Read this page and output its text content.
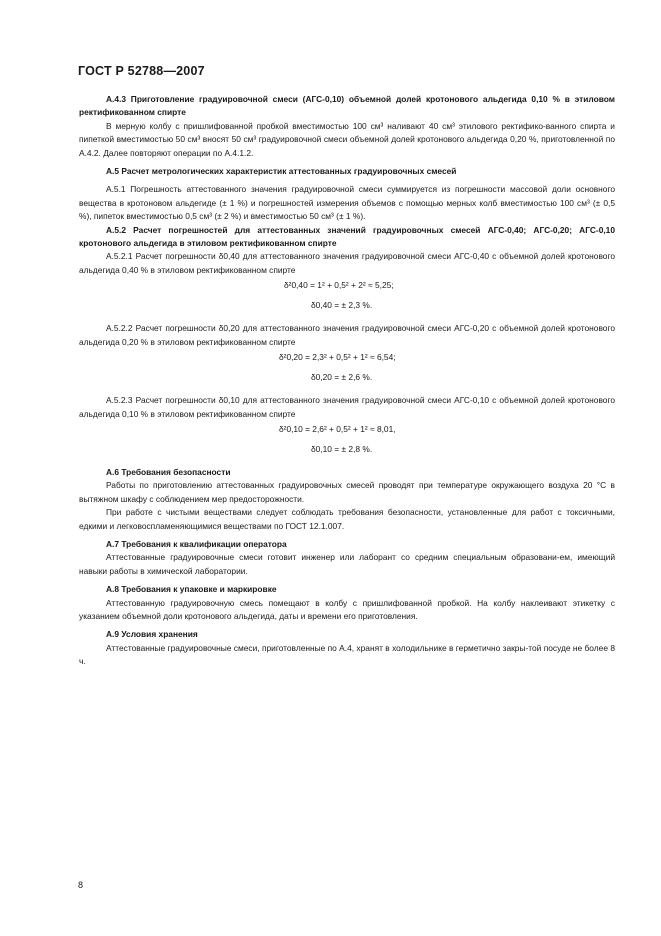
ГОСТ Р 52788—2007

А.4.3 Приготовление градуировочной смеси (АГС-0,10) объемной долей кротонового альдегида 0,10 % в этиловом ректификованном спирте

В мерную колбу с пришлифованной пробкой вместимостью 100 см³ наливают 40 см³ этилового ректифико-ванного спирта и пипеткой вместимостью 50 см³ вносят 50 см³ градуировочной смеси объемной долей кротонового альдегида 0,20 %, приготовленной по А.4.2. Далее повторяют операции по А.4.1.2.

А.5 Расчет метрологических характеристик аттестованных градуировочных смесей

А.5.1 Погрешность аттестованного значения градуировочной смеси суммируется из погрешности массовой доли основного вещества в кротоновом альдегиде (± 1 %) и погрешностей измерения объемов с помощью мерных колб вместимостью 100 см³ (± 0,5 %), пипеток вместимостью 0,5 см³ (± 2 %) и вместимостью 50 см³ (± 1 %).

А.5.2 Расчет погрешностей для аттестованных значений градуировочных смесей АГС-0,40; АГС-0,20; АГС-0,10 кротонового альдегида в этиловом ректификованном спирте

А.5.2.1 Расчет погрешности δ0,40 для аттестованного значения градуировочной смеси АГС-0,40 с объемной долей кротонового альдегида 0,40 % в этиловом ректификованном спирте

δ²0,40 = 1² + 0,5² + 2² ≈ 5,25;
δ0,40 = ± 2,3 %.

А.5.2.2 Расчет погрешности δ0,20 для аттестованного значения градуировочной смеси АГС-0,20 с объемной долей кротонового альдегида 0,20 % в этиловом ректификованном спирте

δ²0,20 = 2,3² + 0,5² + 1² ≈ 6,54;
δ0,20 = ± 2,6 %.

А.5.2.3 Расчет погрешности δ0,10 для аттестованного значения градуировочной смеси АГС-0,10 с объемной долей кротонового альдегида 0,10 % в этиловом ректификованном спирте

δ²0,10 = 2,6² + 0,5² + 1² ≈ 8,01,
δ0,10 = ± 2,8 %.

А.6 Требования безопасности

Работы по приготовлению аттестованных градуировочных смесей проводят при температуре окружающего воздуха 20 °С в вытяжном шкафу с соблюдением мер предосторожности.

При работе с чистыми веществами следует соблюдать требования безопасности, установленные для работ с токсичными, едкими и легковоспламеняющимися веществами по ГОСТ 12.1.007.

А.7 Требования к квалификации оператора

Аттестованные градуировочные смеси готовит инженер или лаборант со средним специальным образовани-ем, имеющий навыки работы в химической лаборатории.

А.8 Требования к упаковке и маркировке

Аттестованную градуировочную смесь помещают в колбу с пришлифованной пробкой. На колбу наклеивают этикетку с указанием объемной доли кротонового альдегида, даты и времени его приготовления.

А.9 Условия хранения

Аттестованные градуировочные смеси, приготовленные по А.4, хранят в холодильнике в герметично закры-той посуде не более 8 ч.

8
